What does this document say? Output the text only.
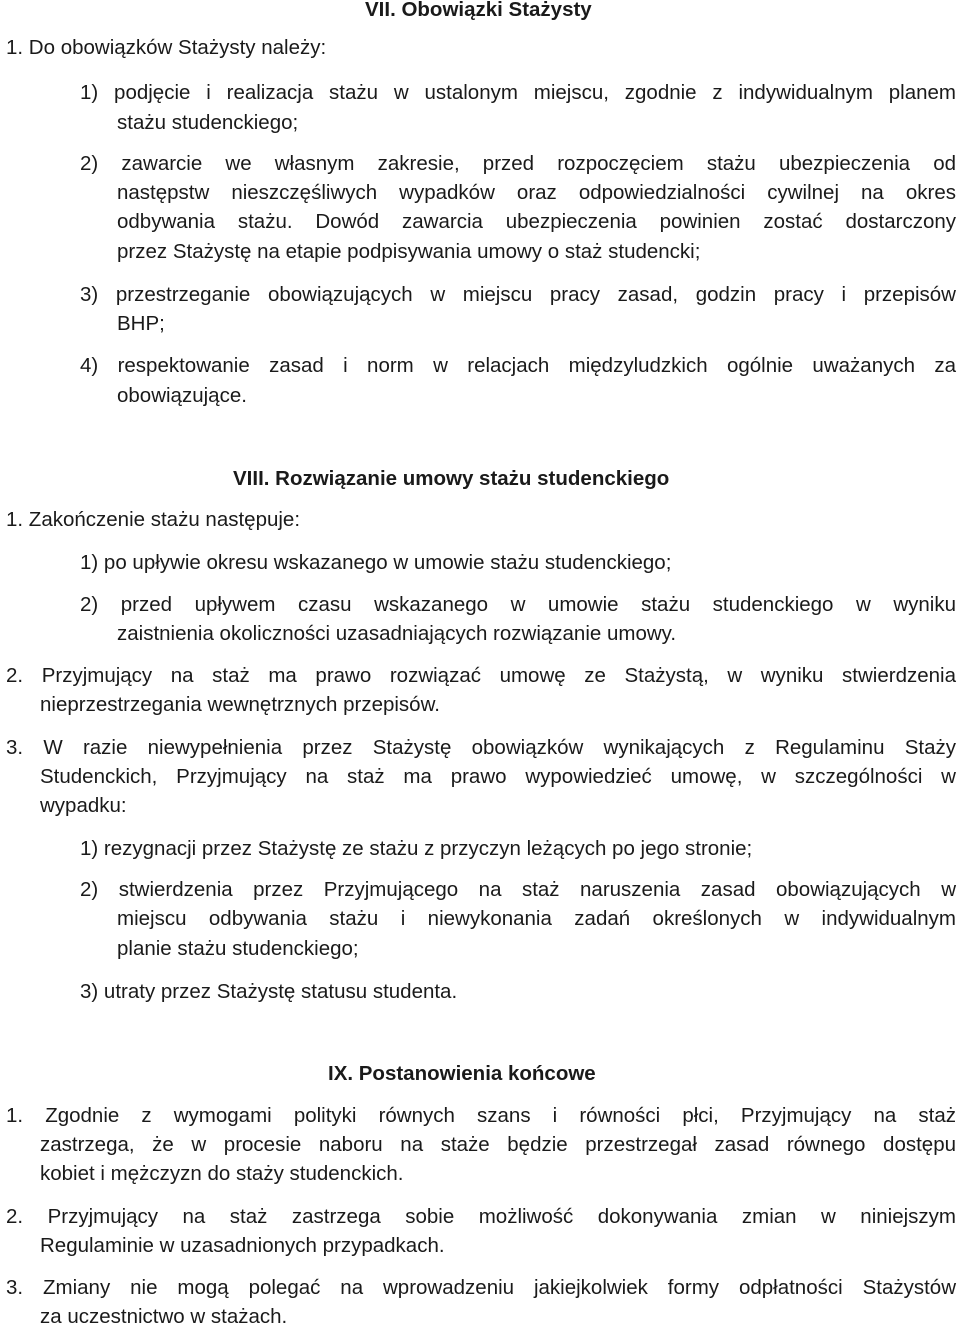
VII. Obowiązki Stażysty
1. Do obowiązków Stażysty należy:
1) podjęcie i realizacja stażu w ustalonym miejscu, zgodnie z indywidualnym planem
stażu studenckiego;
2) zawarcie we własnym zakresie, przed rozpoczęciem stażu ubezpieczenia od
następstw nieszczęśliwych wypadków oraz odpowiedzialności cywilnej na okres
odbywania stażu. Dowód zawarcia ubezpieczenia powinien zostać dostarczony
przez Stażystę na etapie podpisywania umowy o staż studencki;
3) przestrzeganie obowiązujących w miejscu pracy zasad, godzin pracy i przepisów
BHP;
4) respektowanie zasad i norm w relacjach międzyludzkich ogólnie uważanych za
obowiązujące.
VIII. Rozwiązanie umowy stażu studenckiego
1. Zakończenie stażu następuje:
1) po upływie okresu wskazanego w umowie stażu studenckiego;
2) przed upływem czasu wskazanego w umowie stażu studenckiego w wyniku
zaistnienia okoliczności uzasadniających rozwiązanie umowy.
2. Przyjmujący na staż ma prawo rozwiązać umowę ze Stażystą, w wyniku stwierdzenia
nieprzestrzegania wewnętrznych przepisów.
3. W razie niewypełnienia przez Stażystę obowiązków wynikających z Regulaminu Staży
Studenckich, Przyjmujący na staż ma prawo wypowiedzieć umowę, w szczególności w
wypadku:
1) rezygnacji przez Stażystę ze stażu z przyczyn leżących po jego stronie;
2) stwierdzenia przez Przyjmującego na staż naruszenia zasad obowiązujących w
miejscu odbywania stażu i niewykonania zadań określonych w indywidualnym
planie stażu studenckiego;
3) utraty przez Stażystę statusu studenta.
IX. Postanowienia końcowe
1. Zgodnie z wymogami polityki równych szans i równości płci, Przyjmujący na staż
zastrzega, że w procesie naboru na staże będzie przestrzegał zasad równego dostępu
kobiet i mężczyzn do staży studenckich.
2. Przyjmujący na staż zastrzega sobie możliwość dokonywania zmian w niniejszym
Regulaminie w uzasadnionych przypadkach.
3. Zmiany nie mogą polegać na wprowadzeniu jakiejkolwiek formy odpłatności Stażystów
za uczestnictwo w stażach.
